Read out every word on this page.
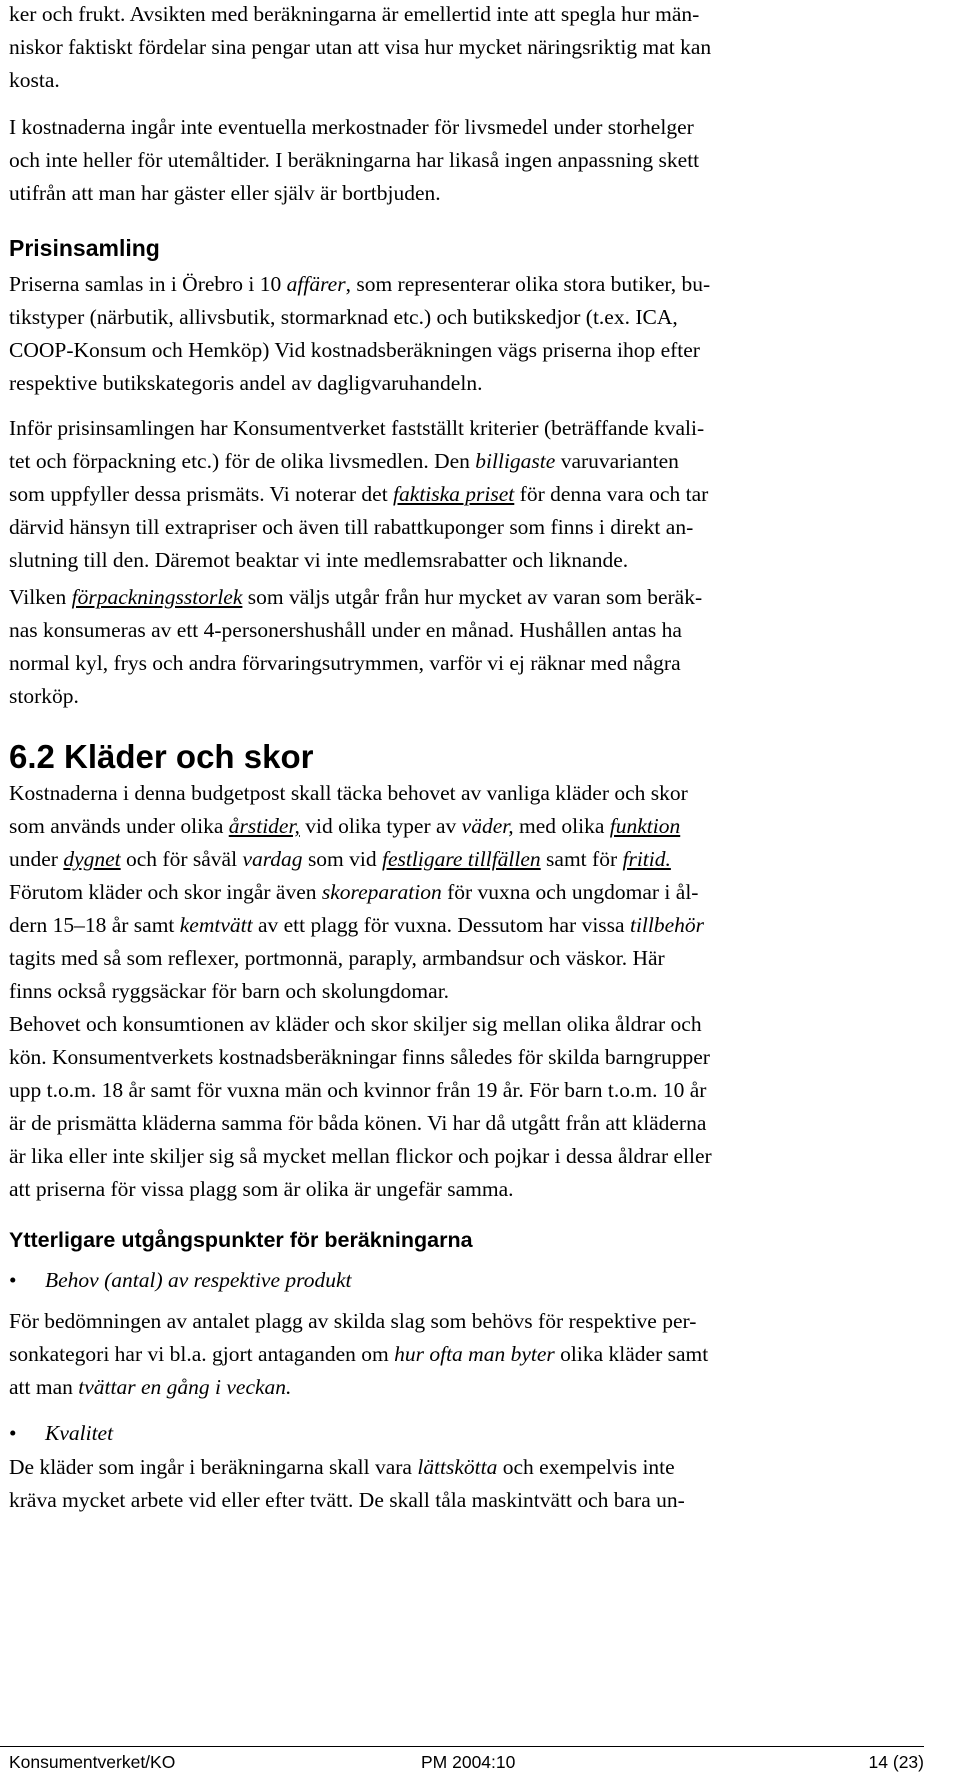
ker och frukt. Avsikten med beräkningarna är emellertid inte att spegla hur män-
niskor faktiskt fördelar sina pengar utan att visa hur mycket näringsriktig mat kan
kosta.
I kostnaderna ingår inte eventuella merkostnader för livsmedel under storhelger
och inte heller för utemåltider. I beräkningarna har likaså ingen anpassning skett
utifrån att man har gäster eller själv är bortbjuden.
Prisinsamling
Priserna samlas in i Örebro i 10 affärer, som representerar olika stora butiker, bu-
tikstyper (närbutik, allivsbutik, stormarknad etc.) och butikskedjor (t.ex. ICA,
COOP-Konsum och Hemköp) Vid kostnadsberäkningen vägs priserna ihop efter
respektive butikskategoris andel av dagligvaruhandeln.
Inför prisinsamlingen har Konsumentverket fastställt kriterier (beträffande kvali-
tet och förpackning etc.) för de olika livsmedlen. Den billigaste varuvarianten
som uppfyller dessa prismäts. Vi noterar det faktiska priset för denna vara och tar
därvid hänsyn till extrapriser och även till rabattkuponger som finns i direkt an-
slutning till den. Däremot beaktar vi inte medlemsrabatter och liknande.
Vilken förpackningsstorlek som väljs utgår från hur mycket av varan som beräk-
nas konsumeras av ett 4-personershushåll under en månad. Hushållen antas ha
normal kyl, frys och andra förvaringsutrymmen, varför vi ej räknar med några
storköp.
6.2 Kläder och skor
Kostnaderna i denna budgetpost skall täcka behovet av vanliga kläder och skor
som används under olika årstider, vid olika typer av väder, med olika funktion
under dygnet och för såväl vardag som vid festligare tillfällen samt för fritid.
Förutom kläder och skor ingår även skoreparation för vuxna och ungdomar i ål-
dern 15–18 år samt kemtvätt av ett plagg för vuxna. Dessutom har vissa tillbehör
tagits med så som reflexer, portmonnä, paraply, armbandsur och väskor. Här
finns också ryggsäckar för barn och skolungdomar.
Behovet och konsumtionen av kläder och skor skiljer sig mellan olika åldrar och
kön. Konsumentverkets kostnadsberäkningar finns således för skilda barngrupper
upp t.o.m. 18 år samt för vuxna män och kvinnor från 19 år. För barn t.o.m. 10 år
är de prismätta kläderna samma för båda könen. Vi har då utgått från att kläderna
är lika eller inte skiljer sig så mycket mellan flickor och pojkar i dessa åldrar eller
att priserna för vissa plagg som är olika är ungefär samma.
Ytterligare utgångspunkter för beräkningarna
• Behov (antal) av respektive produkt
För bedömningen av antalet plagg av skilda slag som behövs för respektive per-
sonkategori har vi bl.a. gjort antaganden om hur ofta man byter olika kläder samt
att man tvättar en gång i veckan.
• Kvalitet
De kläder som ingår i beräkningarna skall vara lättskötta och exempelvis inte
kräva mycket arbete vid eller efter tvätt. De skall tåla maskintvätt och bara un-
Konsumentverket/KO	PM 2004:10	14 (23)
